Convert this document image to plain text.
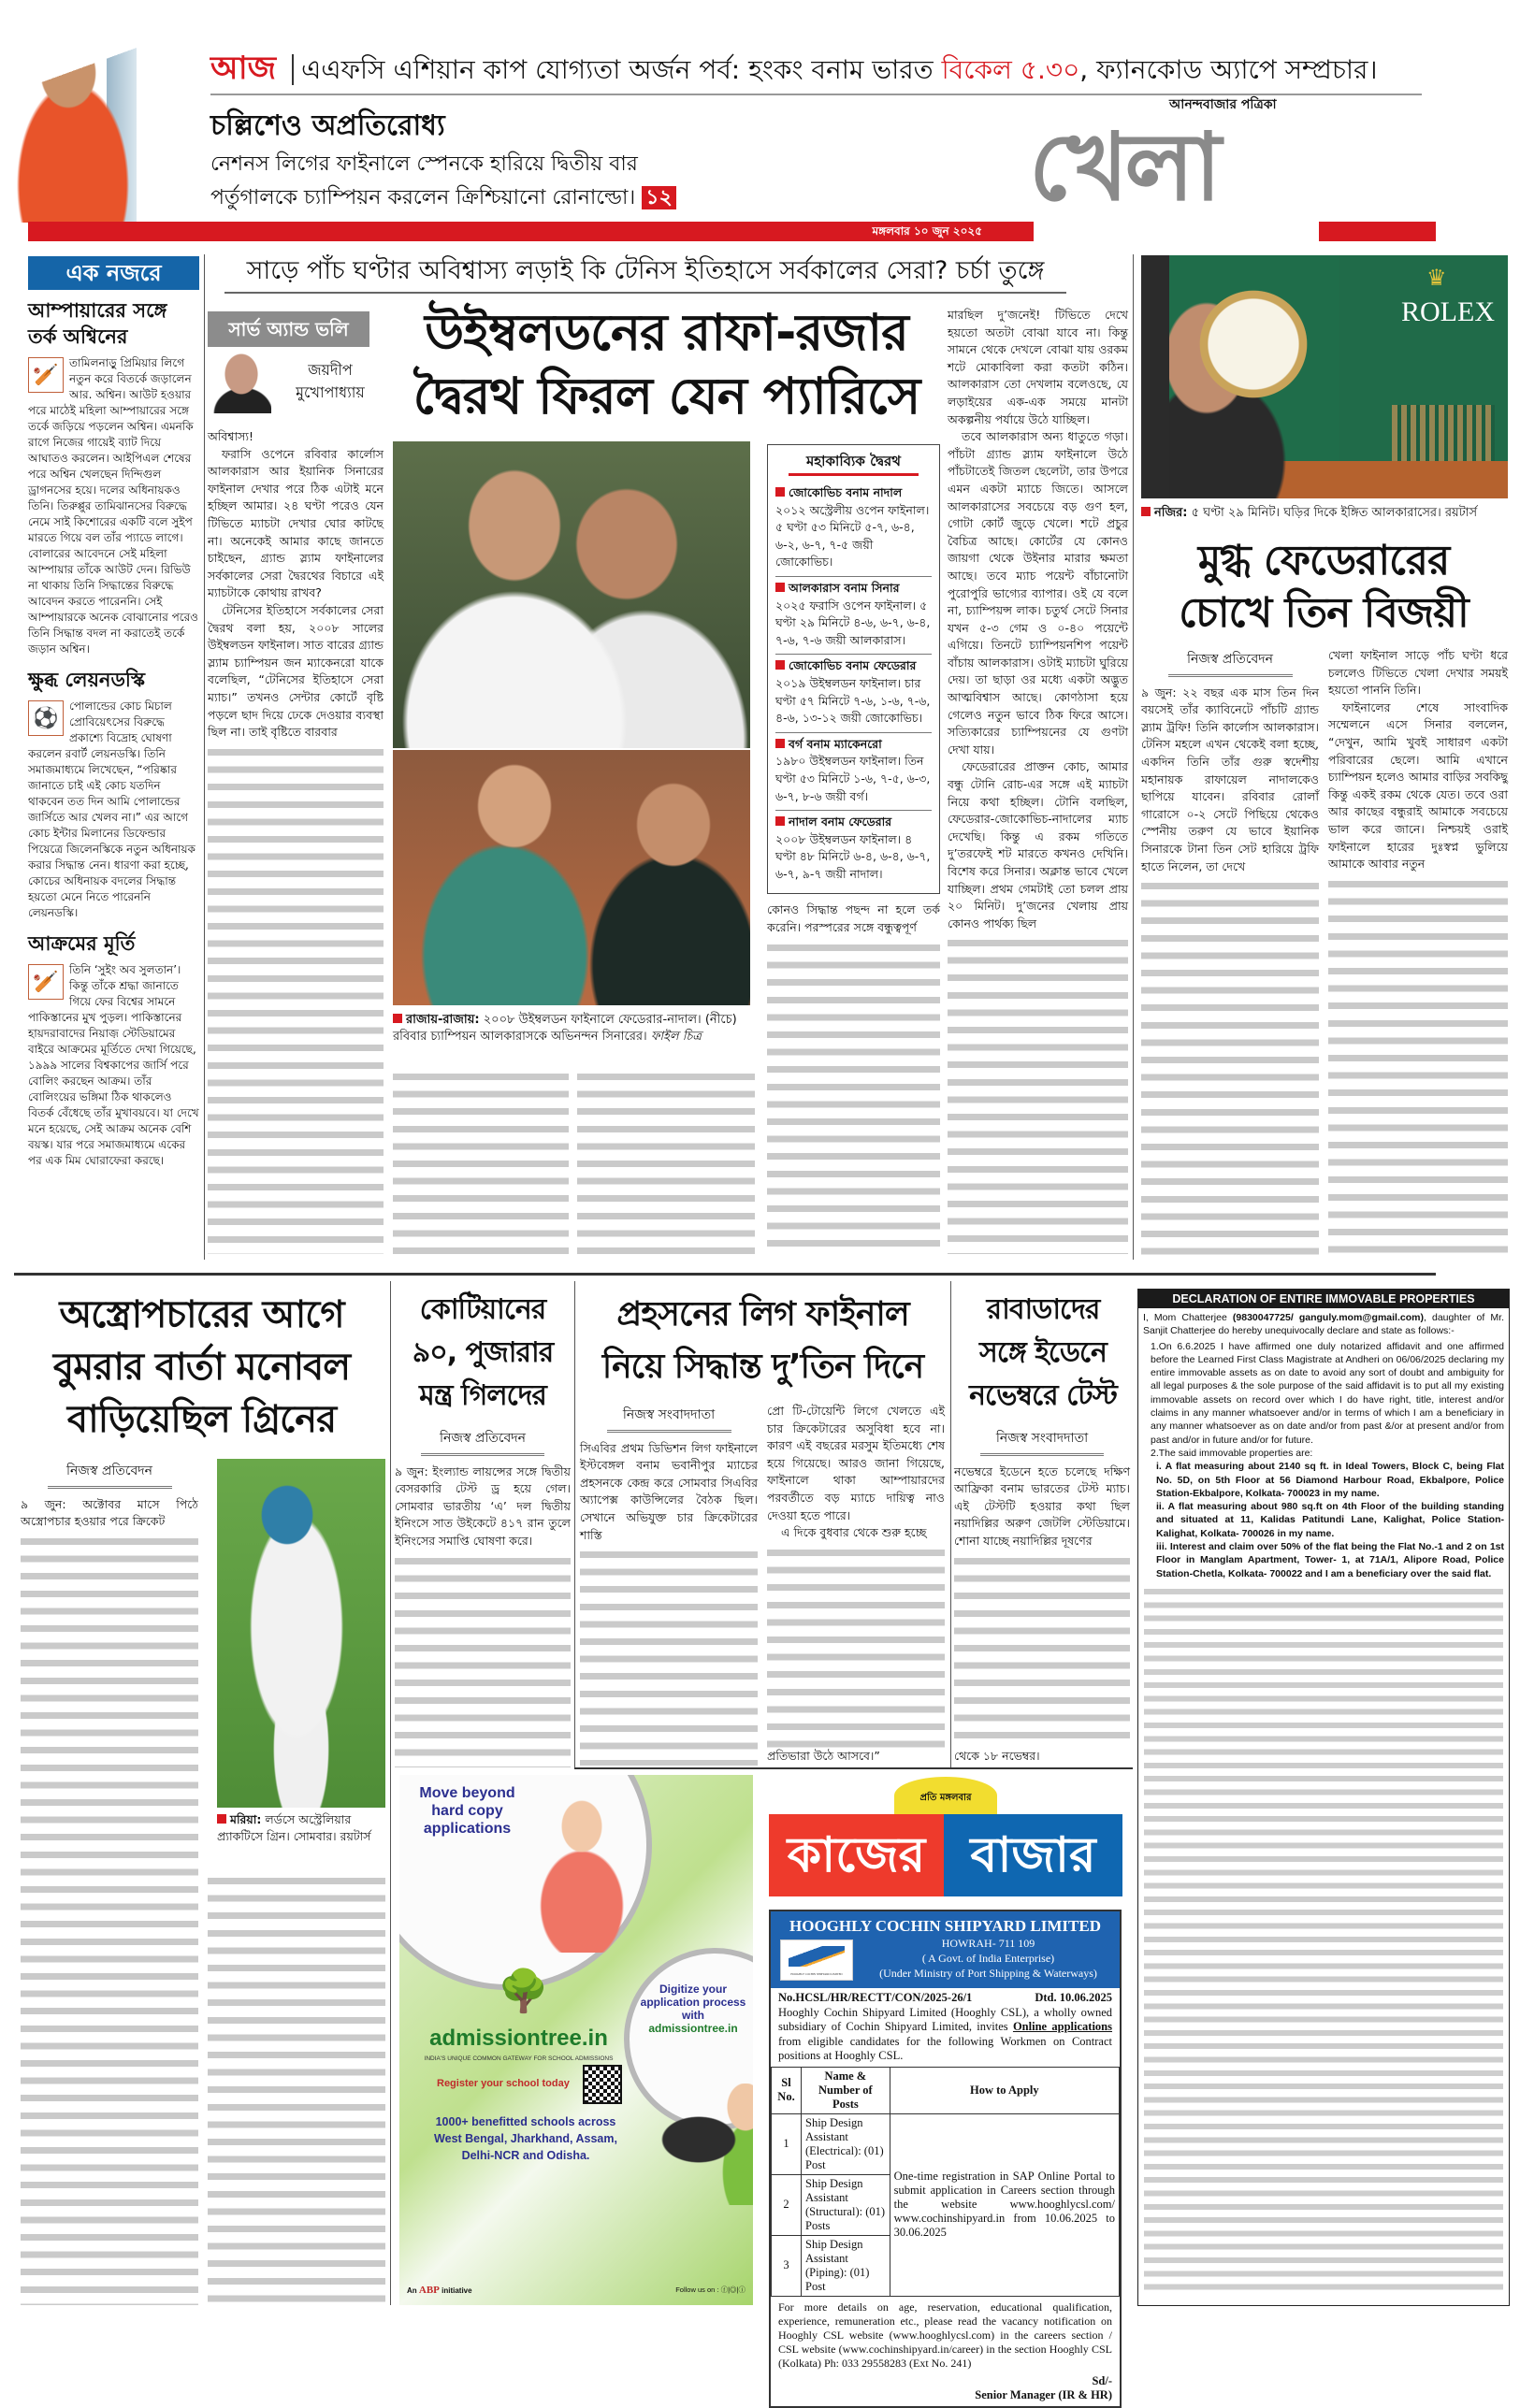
আজ এএফসি এশিয়ান কাপ যোগ্যতা অর্জন পর্ব: হংকং বনাম ভারত বিকেল ৫.৩০, ফ্যানকোড অ্যাপে সম্প্রচার।
চল্লিশেও অপ্রতিরোধ্য
নেশনস লিগের ফাইনালে স্পেনকে হারিয়ে দ্বিতীয় বার
পর্তুগালকে চ্যাম্পিয়ন করলেন ক্রিশ্চিয়ানো রোনাল্ডো। ১২
আনন্দবাজার পত্রিকা
খেলা
মঙ্গলবার ১০ জুন ২০২৫
এক নজরে
আম্পায়ারের সঙ্গে তর্ক অশ্বিনের
🏏
তামিলনাড়ু প্রিমিয়ার লিগে নতুন করে বিতর্কে জড়ালেন আর. অশ্বিন। আউট হওয়ার পরে মাঠেই মহিলা আম্পায়ারের সঙ্গে তর্কে জড়িয়ে পড়লেন অশ্বিন। এমনকি রাগে নিজের গায়েই ব্যাট দিয়ে আঘাতও করলেন। আইপিএল শেষের পরে অশ্বিন খেলছেন দিন্দিগুল ড্রাগনসের হয়ে। দলের অধিনায়কও তিনি। তিরুপ্পুর তামিঝানসের বিরুদ্ধে নেমে সাই কিশোরের একটি বলে সুইপ মারতে গিয়ে বল তাঁর প্যাডে লাগে। বোলারের আবেদনে সেই মহিলা আম্পায়ার তাঁকে আউট দেন। রিভিউ না থাকায় তিনি সিদ্ধান্তের বিরুদ্ধে আবেদন করতে পারেননি। সেই আম্পায়ারকে অনেক বোঝানোর পরেও তিনি সিদ্ধান্ত বদল না করাতেই তর্কে জড়ান অশ্বিন।
ক্ষুব্ধ লেয়নডস্কি
⚽
পোলান্ডের কোচ মিচাল প্রোবিয়েৎসের বিরুদ্ধে প্রকাশ্যে বিদ্রোহ ঘোষণা করলেন রবার্ট লেয়নডস্কি। তিনি সমাজমাধ্যমে লিখেছেন, “পরিষ্কার জানাতে চাই এই কোচ যতদিন থাকবেন তত দিন আমি পোলান্ডের জার্সিতে আর খেলব না।” এর আগে কোচ ইন্টার মিলানের ডিফেন্ডার পিয়েত্রে জিলেনস্কিকে নতুন অধিনায়ক করার সিদ্ধান্ত নেন। ধারণা করা হচ্ছে, কোচের অধিনায়ক বদলের সিদ্ধান্ত হয়তো মেনে নিতে পারেননি লেয়নডস্কি।
আক্রমের মূর্তি
🏏
তিনি ‘সুইং অব সুলতান’। কিন্তু তাঁকে শ্রদ্ধা জানাতে গিয়ে ফের বিশ্বের সামনে পাকিস্তানের মুখ পুড়ল। পাকিস্তানের হায়দরাবাদের নিয়াজ় স্টেডিয়ামের বাইরে আক্রমের মূর্তিতে দেখা গিয়েছে, ১৯৯৯ সালের বিশ্বকাপের জার্সি পরে বোলিং করছেন আক্রম। তাঁর বোলিংয়ের ভঙ্গিমা ঠিক থাকলেও বিতর্ক বেঁধেছে তাঁর মুখাবয়বে। যা দেখে মনে হয়েছে, সেই আক্রম অনেক বেশি বয়স্ক। যার পরে সমাজমাধ্যমে একের পর এক মিম ঘোরাফেরা করছে।
সাড়ে পাঁচ ঘণ্টার অবিশ্বাস্য লড়াই কি টেনিস ইতিহাসে সর্বকালের সেরা? চর্চা তুঙ্গে
সার্ভ অ্যান্ড ভলি
জয়দীপ
মুখোপাধ্যায়
উইম্বলডনের রাফা-রজার
দ্বৈরথ ফিরল যেন প্যারিসে

অবিশ্বাস্য!

ফরাসি ওপেনে রবিবার কার্লোস আলকারাস আর ইয়ানিক সিনারের ফাইনাল দেখার পরে ঠিক এটাই মনে হচ্ছিল আমার। ২৪ ঘণ্টা পরেও যেন টিভিতে ম্যাচটা দেখার ঘোর কাটছে না। অনেকেই আমার কাছে জানতে চাইছেন, গ্র্যান্ড স্ল্যাম ফাইনালের সর্বকালের সেরা দ্বৈরথের বিচারে এই ম্যাচটাকে কোথায় রাখব?

টেনিসের ইতিহাসে সর্বকালের সেরা দ্বৈরথ বলা হয়, ২০০৮ সালের উইম্বলডন ফাইনাল। সাত বারের গ্র্যান্ড স্ল্যাম চ্যাম্পিয়ন জন ম্যাকেনরো যাকে বলেছিল, “টেনিসের ইতিহাসে সেরা ম্যাচ।” তখনও সেন্টার কোর্টে বৃষ্টি পড়লে ছাদ দিয়ে ঢেকে দেওয়ার ব্যবস্থা ছিল না। তাই বৃষ্টিতে বারবার

রাজায়-রাজায়: ২০০৮ উইম্বলডন ফাইনালে ফেডেরার-নাদাল। (নীচে) রবিবার চ্যাম্পিয়ন আলকারাসকে অভিনন্দন সিনারের। ফাইল চিত্র
মহাকাব্যিক দ্বৈরথ
জোকোভিচ বনাম নাদাল
২০১২ অস্ট্রেলীয় ওপেন ফাইনাল। ৫ ঘণ্টা ৫৩ মিনিটে ৫-৭, ৬-৪, ৬-২, ৬-৭, ৭-৫ জয়ী জোকোভিচ।
আলকারাস বনাম সিনার
২০২৫ ফরাসি ওপেন ফাইনাল। ৫ ঘণ্টা ২৯ মিনিটে ৪-৬, ৬-৭, ৬-৪, ৭-৬, ৭-৬ জয়ী আলকারাস।
জোকোভিচ বনাম ফেডেরার
২০১৯ উইম্বলডন ফাইনাল। চার ঘণ্টা ৫৭ মিনিটে ৭-৬, ১-৬, ৭-৬, ৪-৬, ১৩-১২ জয়ী জোকোভিচ।
বর্গ বনাম ম্যাকেনরো
১৯৮০ উইম্বলডন ফাইনাল। তিন ঘণ্টা ৫৩ মিনিটে ১-৬, ৭-৫, ৬-৩, ৬-৭, ৮-৬ জয়ী বর্গ।
নাদাল বনাম ফেডেরার
২০০৮ উইম্বলডন ফাইনাল। ৪ ঘণ্টা ৪৮ মিনিটে ৬-৪, ৬-৪, ৬-৭, ৬-৭, ৯-৭ জয়ী নাদাল।

কোনও সিদ্ধান্ত পছন্দ না হলে তর্ক করেনি। পরস্পরের সঙ্গে বন্ধুত্বপূর্ণ

মারছিল দু’জনেই! টিভিতে দেখে হয়তো অতটা বোঝা যাবে না। কিন্তু সামনে থেকে দেখলে বোঝা যায় ওরকম শটে মোকাবিলা করা কতটা কঠিন। আলকারাস তো দেখলাম বলেওছে, যে লড়াইয়ের এক-এক সময়ে মানটা অকল্পনীয় পর্যায়ে উঠে যাচ্ছিল।

তবে আলকারাস অন্য ধাতুতে গড়া। পাঁচটা গ্র্যান্ড স্ল্যাম ফাইনালে উঠে পাঁচটাতেই জিতল ছেলেটা, তার উপরে এমন একটা ম্যাচে জিতে। আসলে আলকারাসের সবচেয়ে বড় গুণ হল, গোটা কোর্ট জুড়ে খেলে। শটে প্রচুর বৈচিত্র আছে। কোর্টের যে কোনও জায়গা থেকে উইনার মারার ক্ষমতা আছে। তবে ম্যাচ পয়েন্ট বাঁচানোটা পুরোপুরি ভাগ্যের ব্যাপার। ওই যে বলে না, চ্যাম্পিয়ন্স লাক। চতুর্থ সেটে সিনার যখন ৫-৩ গেম ও ০-৪০ পয়েন্টে এগিয়ে। তিনটে চ্যাম্পিয়নশিপ পয়েন্ট বাঁচায় আলকারাস। ওটাই ম্যাচটা ঘুরিয়ে দেয়। তা ছাড়া ওর মধ্যে একটা অদ্ভুত আত্মবিশ্বাস আছে। কোণঠাসা হয়ে গেলেও নতুন ভাবে ঠিক ফিরে আসে। সত্যিকারের চ্যাম্পিয়নের যে গুণটা দেখা যায়।

ফেডেরারের প্রাক্তন কোচ, আমার বন্ধু টোনি রোচ-এর সঙ্গে এই ম্যাচটা নিয়ে কথা হচ্ছিল। টোনি বলছিল, ফেডেরার-জোকোভিচ-নাদালের ম্যাচ দেখেছি। কিন্তু এ রকম গতিতে দু’তরফেই শট মারতে কখনও দেখিনি। বিশেষ করে সিনার। অক্লান্ত ভাবে খেলে যাচ্ছিল। প্রথম গেমটাই তো চলল প্রায় ২০ মিনিট। দু’জনের খেলায় প্রায় কোনও পার্থক্য ছিল

♛
ROLEX
নজির: ৫ ঘণ্টা ২৯ মিনিট। ঘড়ির দিকে ইঙ্গিত আলকারাসের। রয়টার্স
মুগ্ধ ফেডেরারের
চোখে তিন বিজয়ী
নিজস্ব প্রতিবেদন

৯ জুন: ২২ বছর এক মাস তিন দিন বয়সেই তাঁর ক্যাবিনেটে পাঁচটি গ্র্যান্ড স্ল্যাম ট্রফি! তিনি কার্লোস আলকারাস। টেনিস মহলে এখন থেকেই বলা হচ্ছে, একদিন তিনি তাঁর গুরু স্বদেশীয় মহানায়ক রাফায়েল নাদালকেও ছাপিয়ে যাবেন। রবিবার রোলাঁ গারোসে ০-২ সেটে পিছিয়ে থেকেও স্পেনীয় তরুণ যে ভাবে ইয়ানিক সিনারকে টানা তিন সেট হারিয়ে ট্রফি হাতে নিলেন, তা দেখে

খেলা ফাইনাল সাড়ে পাঁচ ঘণ্টা ধরে চললেও টিভিতে খেলা দেখার সময়ই হয়তো পাননি তিনি।

ফাইনালের শেষে সাংবাদিক সম্মেলনে এসে সিনার বললেন, “দেখুন, আমি খুবই সাধারণ একটা পরিবারের ছেলে। আমি এখানে চ্যাম্পিয়ন হলেও আমার বাড়ির সবকিছু কিন্তু একই রকম থেকে যেত। তবে ওরা আর কাছের বন্ধুরাই আমাকে সবচেয়ে ভাল করে জানে। নিশ্চয়ই ওরাই ফাইনালে হারের দুঃস্বপ্ন ভুলিয়ে আমাকে আবার নতুন

অস্ত্রোপচারের আগে
বুমরার বার্তা মনোবল
বাড়িয়েছিল গ্রিনের
নিজস্ব প্রতিবেদন

৯ জুন: অক্টোবর মাসে পিঠে অস্ত্রোপচার হওয়ার পরে ক্রিকেট

মরিয়া: লর্ডসে অস্ট্রেলিয়ার প্র্যাকটিসে গ্রিন। সোমবার। রয়টার্স
কোটিয়ানের
৯০, পুজারার
মন্ত্র গিলদের
নিজস্ব প্রতিবেদন

৯ জুন: ইংল্যান্ড লায়ন্সের সঙ্গে দ্বিতীয় বেসরকারি টেস্ট ড্র হয়ে গেল। সোমবার ভারতীয় ‘এ’ দল দ্বিতীয় ইনিংসে সাত উইকেটে ৪১৭ রান তুলে ইনিংসের সমাপ্তি ঘোষণা করে।

প্রহসনের লিগ ফাইনাল
নিয়ে সিদ্ধান্ত দু’তিন দিনে
নিজস্ব সংবাদদাতা

সিএবির প্রথম ডিভিশন লিগ ফাইনালে ইস্টবেঙ্গল বনাম ভবানীপুর ম্যাচের প্রহসনকে কেন্দ্র করে সোমবার সিএবির অ্যাপেক্স কাউন্সিলের বৈঠক ছিল। সেখানে অভিযুক্ত চার ক্রিকেটারের শাস্তি

প্রো টি-টোয়েন্টি লিগে খেলতে এই চার ক্রিকেটারের অসুবিধা হবে না। কারণ এই বছরের মরসুম ইতিমধ্যে শেষ হয়ে গিয়েছে। আরও জানা গিয়েছে, ফাইনালে থাকা আম্পায়ারদের পরবর্তীতে বড় ম্যাচে দায়িত্ব নাও দেওয়া হতে পারে।

এ দিকে বুধবার থেকে শুরু হচ্ছে

প্রতিভারা উঠে আসবে।”

রাবাডাদের
সঙ্গে ইডেনে
নভেম্বরে টেস্ট
নিজস্ব সংবাদদাতা

নভেম্বরে ইডেনে হতে চলেছে দক্ষিণ আফ্রিকা বনাম ভারতের টেস্ট ম্যাচ। এই টেস্টটি হওয়ার কথা ছিল নয়াদিল্লির অরুণ জেটলি স্টেডিয়ামে। শোনা যাচ্ছে নয়াদিল্লির দূষণের

থেকে ১৮ নভেম্বর।

প্রতি মঙ্গলবার
কাজের বাজার
HOOGHLY COCHIN SHIPYARD LIMITED
HOOGHLY COCHIN SHIPYARD LIMITED
HOWRAH- 711 109
( A Govt. of India Enterprise)
(Under Ministry of Port Shipping & Waterways)
No.HCSL/HR/RECTT/CON/2025-26/1	Dtd. 10.06.2025
Hooghly Cochin Shipyard Limited (Hooghly CSL), a wholly owned subsidiary of Cochin Shipyard Limited, invites Online applications from eligible candidates for the following Workmen on Contract positions at Hooghly CSL.
Sl No.	Name & Number of Posts	How to Apply
1	Ship Design Assistant (Electrical): (01) Post	One-time registration in SAP Online Portal to submit application in Careers section through the website www.hooghlycsl.com/ www.cochinshipyard.in from 10.06.2025 to 30.06.2025
2	Ship Design Assistant (Structural): (01) Posts	
3	Ship Design Assistant (Piping): (01) Post	
For more details on age, reservation, educational qualification, experience, remuneration etc., please read the vacancy notification on Hooghly CSL website (www.hooghlycsl.com) in the careers section / CSL website (www.cochinshipyard.in/career) in the section Hooghly CSL (Kolkata) Ph: 033 29558283 (Ext No. 241)
Sd/-
Senior Manager (IR & HR)
Move beyond hard copy applications
🌳
admissiontree.in
INDIA'S UNIQUE COMMON GATEWAY FOR SCHOOL ADMISSIONS
Register your school today
1000+ benefitted schools across West Bengal, Jharkhand, Assam, Delhi-NCR and Odisha.
Digitize your application process with
admissiontree.in
An ABP initiative	Follow us on : ⓕ|◎|ⓘ
DECLARATION OF ENTIRE IMMOVABLE PROPERTIES
I, Mom Chatterjee (9830047725/ ganguly.mom@gmail.com), daughter of Mr. Sanjit Chatterjee do hereby unequivocally declare and state as follows:-
1.On 6.6.2025 I have affirmed one duly notarized affidavit and one affirmed before the Learned First Class Magistrate at Andheri on 06/06/2025 declaring my entire immovable assets as on date to avoid any sort of doubt and ambiguity for all legal purposes & the sole purpose of the said affidavit is to put all my existing immovable assets on record over which I do have right, title, interest and/or claims in any manner whatsoever and/or in terms of which I am a beneficiary in any manner whatsoever as on date and/or from past &/or at present and/or from past and/or in future and/or for future.
2.The said immovable properties are:
i. A flat measuring about 2140 sq ft. in Ideal Towers, Block C, being Flat No. 5D, on 5th Floor at 56 Diamond Harbour Road, Ekbalpore, Police Station-Ekbalpore, Kolkata- 700023 in my name.
ii. A flat measuring about 980 sq.ft on 4th Floor of the building standing and situated at 11, Kalidas Patitundi Lane, Kalighat, Police Station- Kalighat, Kolkata- 700026 in my name.
iii. Interest and claim over 50% of the flat being the Flat No.-1 and 2 on 1st Floor in Manglam Apartment, Tower- 1, at 71A/1, Alipore Road, Police Station-Chetla, Kolkata- 700022 and I am a beneficiary over the said flat.
